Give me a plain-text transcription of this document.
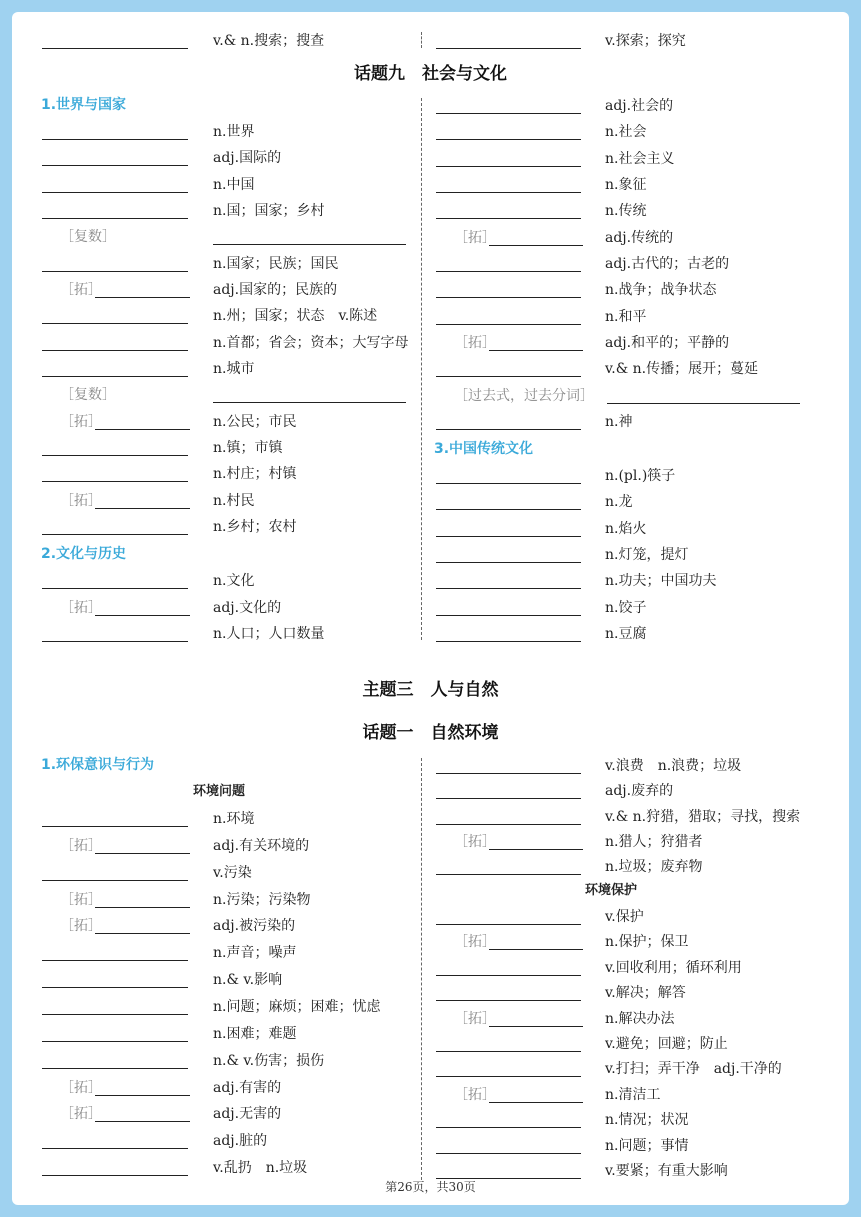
v.& n.搜索；搜查	v.探索；探究
话题九　社会与文化
1.世界与国家
n.世界
adj.国际的
n.中国
n.国；国家；乡村
［复数］
n.国家；民族；国民
［拓］	adj.国家的；民族的
n.州；国家；状态　v.陈述
n.首都；省会；资本；大写字母
n.城市
［复数］
［拓］	n.公民；市民
n.镇；市镇
n.村庄；村镇
［拓］	n.村民
n.乡村；农村
2.文化与历史
n.文化
［拓］	adj.文化的
n.人口；人口数量
adj.社会的
n.社会
n.社会主义
n.象征
n.传统
［拓］	adj.传统的
adj.古代的；古老的
n.战争；战争状态
n.和平
［拓］	adj.和平的；平静的
v.& n.传播；展开；蔓延
［过去式，过去分词］
n.神
3.中国传统文化
n.(pl.)筷子
n.龙
n.焰火
n.灯笼，提灯
n.功夫；中国功夫
n.饺子
n.豆腐
主题三　人与自然
话题一　自然环境
1.环保意识与行为
环境问题
n.环境
［拓］	adj.有关环境的
v.污染
［拓］	n.污染；污染物
［拓］	adj.被污染的
n.声音；噪声
n.& v.影响
n.问题；麻烦；困难；忧虑
n.困难；难题
n.& v.伤害；损伤
［拓］	adj.有害的
［拓］	adj.无害的
adj.脏的
v.乱扔　n.垃圾
v.浪费　n.浪费；垃圾
adj.废弃的
v.& n.狩猎，猎取；寻找，搜索
［拓］	n.猎人；狩猎者
n.垃圾；废弃物
环境保护
v.保护
［拓］	n.保护；保卫
v.回收利用；循环利用
v.解决；解答
［拓］	n.解决办法
v.避免；回避；防止
v.打扫；弄干净　adj.干净的
［拓］	n.清洁工
n.情况；状况
n.问题；事情
v.要紧；有重大影响
第26页，共30页
